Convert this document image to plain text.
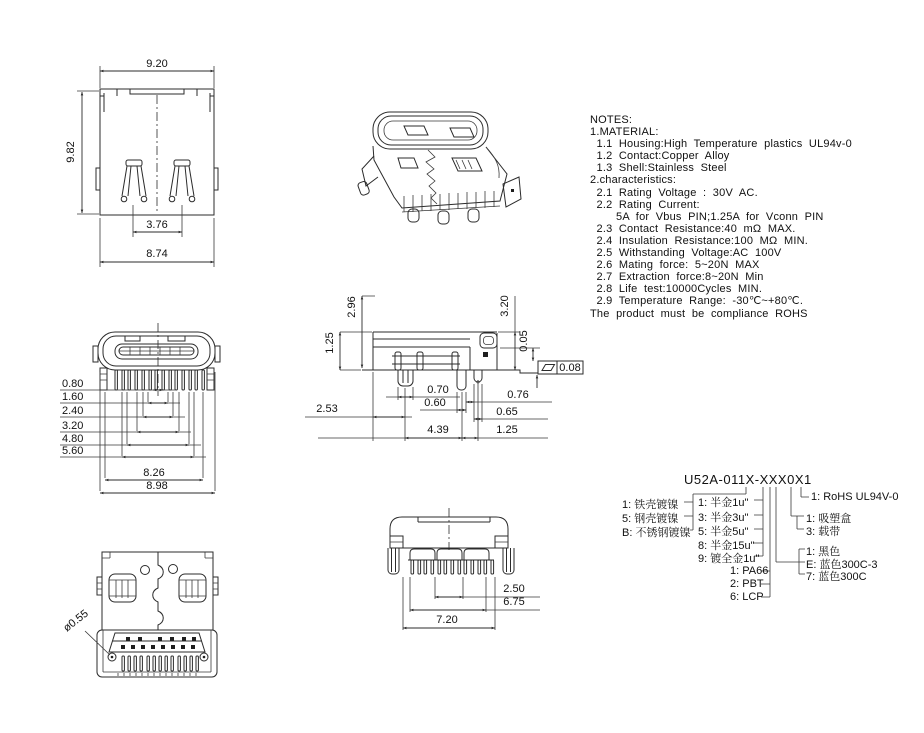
9.20
9.82
3.76
8.74
0.80
1.60
2.40
3.20
4.80
5.60
8.26
8.98
0.08
2.96
1.25
3.20
0.05
0.70	0.76
2.53	0.60
0.65
4.39	1.25
ø0.55
2.50
6.75
7.20
NOTES:
1.MATERIAL:
1.1  Housing:High  Temperature  plastics  UL94v-0
1.2  Contact:Copper  Alloy
1.3  Shell:Stainless  Steel
2.characteristics:
2.1  Rating  Voltage  :  30V  AC.
2.2  Rating  Current:
5A  for  Vbus  PIN;1.25A  for  Vconn  PIN
2.3  Contact  Resistance:40  mΩ  MAX.
2.4  Insulation  Resistance:100  MΩ  MIN.
2.5  Withstanding  Voltage:AC  100V
2.6  Mating  force:  5~20N  MAX
2.7  Extraction  force:8~20N  Min
2.8  Life  test:10000Cycles  MIN.
2.9  Temperature  Range:  -30℃~+80℃.
The  product  must  be  compliance  ROHS
U52A-011X-XXX0X1
1: 铁壳镀镍
5: 钢壳镀镍
B: 不锈钢镀镍
1: 半金1u"
3: 半金3u"
5: 半金5u"
8: 半金15u"
9: 镀全金1u"
1: PA66
2: PBT
6: LCP
1: RoHS UL94V-0
1: 吸塑盒
3: 载带
1: 黑色
E: 蓝色300C-3
7: 蓝色300C
